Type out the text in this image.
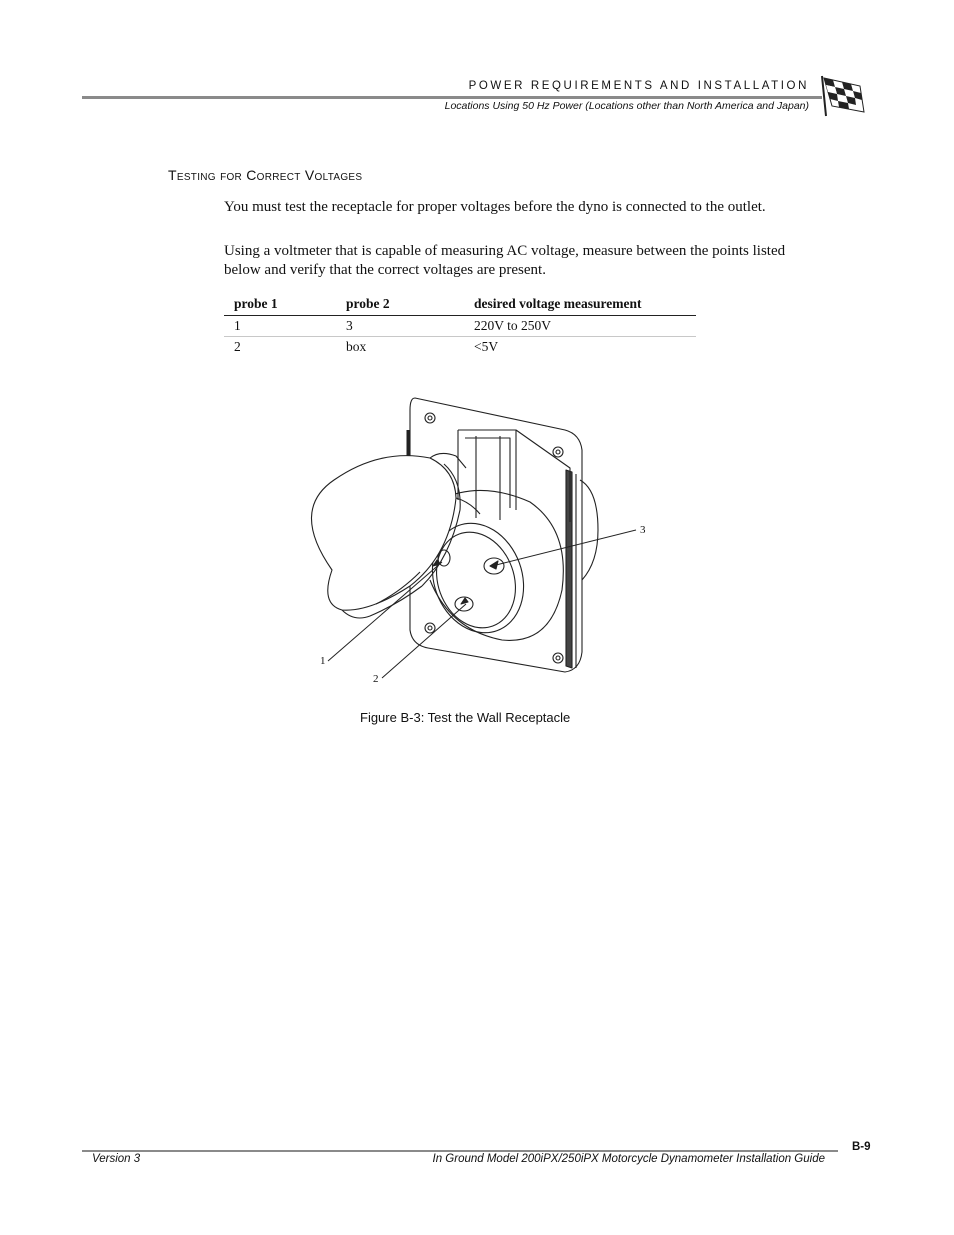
POWER REQUIREMENTS AND INSTALLATION
Locations Using 50 Hz Power (Locations other than North America and Japan)
Testing for Correct Voltages
You must test the receptacle for proper voltages before the dyno is connected to the outlet.
Using a voltmeter that is capable of measuring AC voltage, measure between the points listed below and verify that the correct voltages are present.
probe 1	probe 2	desired voltage measurement
1	3	220V to 250V
2	box	<5V
3
1
2
Figure B-3: Test the Wall Receptacle
B-9
Version 3	In Ground Model 200iPX/250iPX Motorcycle Dynamometer Installation Guide
